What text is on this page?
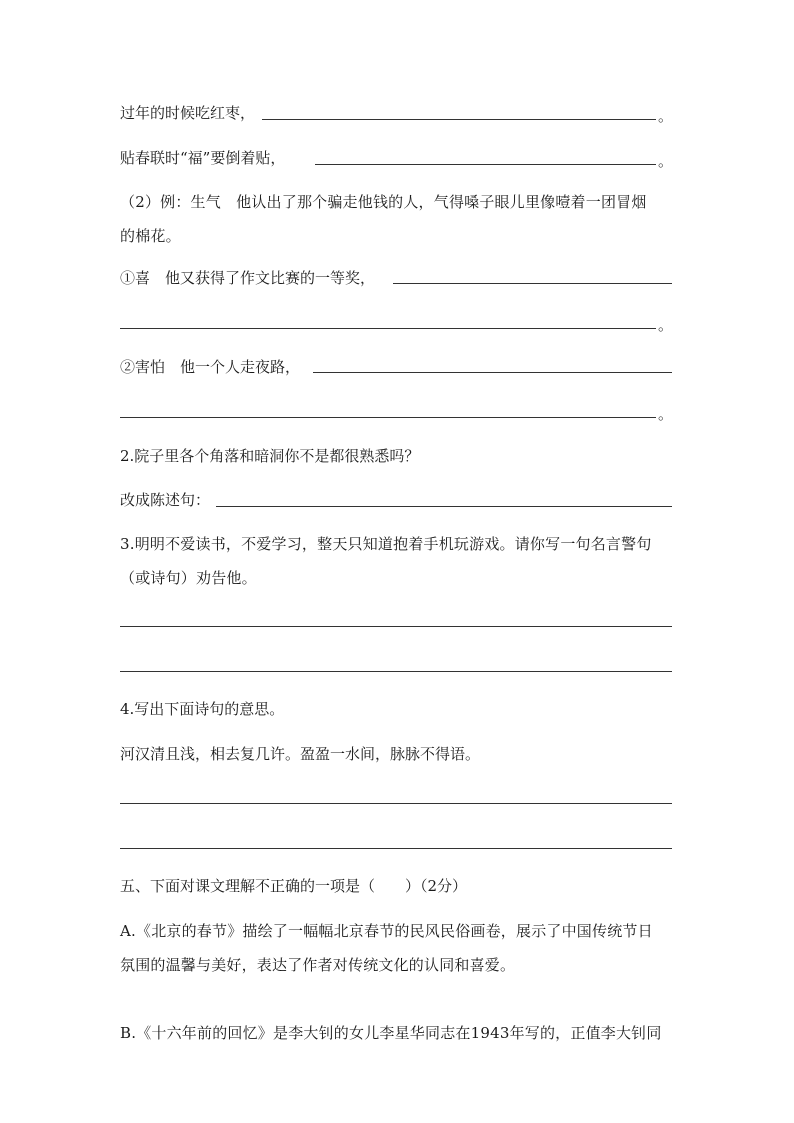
过年的时候吃红枣，	。
贴春联时“福”要倒着贴，	。
（2）例：生气　他认出了那个骗走他钱的人，气得嗓子眼儿里像噎着一团冒烟
的棉花。
①喜　他又获得了作文比赛的一等奖，
。
②害怕　他一个人走夜路，
。
2.院子里各个角落和暗洞你不是都很熟悉吗？
改成陈述句：
3.明明不爱读书，不爱学习，整天只知道抱着手机玩游戏。请你写一句名言警句
（或诗句）劝告他。
4.写出下面诗句的意思。
河汉清且浅，相去复几许。盈盈一水间，脉脉不得语。
五、下面对课文理解不正确的一项是（　　）（2分）
A.《北京的春节》描绘了一幅幅北京春节的民风民俗画卷，展示了中国传统节日
氛围的温馨与美好，表达了作者对传统文化的认同和喜爱。
B.《十六年前的回忆》是李大钊的女儿李星华同志在1943年写的，正值李大钊同
